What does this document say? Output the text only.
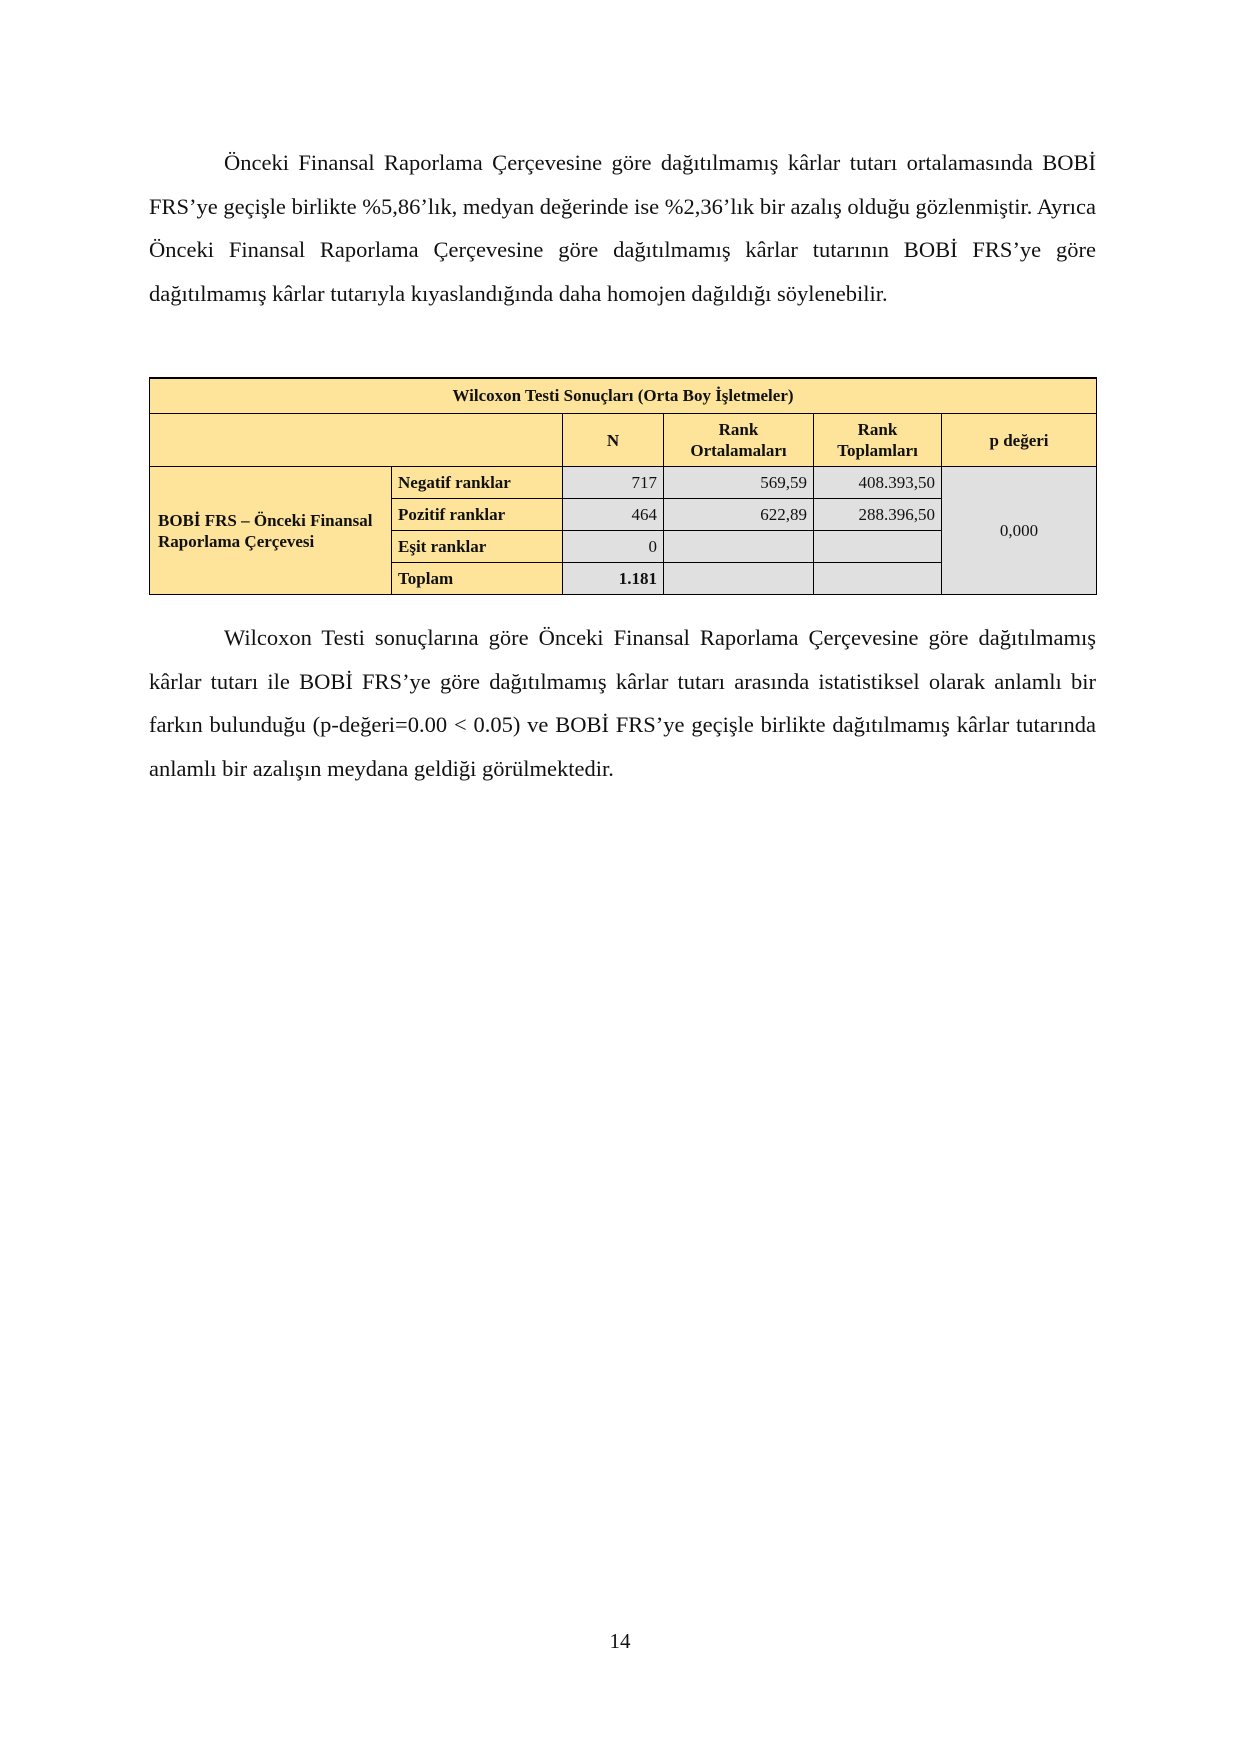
Önceki Finansal Raporlama Çerçevesine göre dağıtılmamış kârlar tutarı ortalamasında BOBİ FRS’ye geçişle birlikte %5,86’lık, medyan değerinde ise %2,36’lık bir azalış olduğu gözlenmiştir. Ayrıca Önceki Finansal Raporlama Çerçevesine göre dağıtılmamış kârlar tutarının BOBİ FRS’ye göre dağıtılmamış kârlar tutarıyla kıyaslandığında daha homojen dağıldığı söylenebilir.

Wilcoxon Testi Sonuçları (Orta Boy İşletmeler)					
		N	Rank Ortalamaları	Rank Toplamları	p değeri
BOBİ FRS – Önceki Finansal Raporlama Çerçevesi	Negatif ranklar	717	569,59	408.393,50	0,000
	Pozitif ranklar	464	622,89	288.396,50	
	Eşit ranklar	0			
	Toplam	1.181			

Wilcoxon Testi sonuçlarına göre Önceki Finansal Raporlama Çerçevesine göre dağıtılmamış kârlar tutarı ile BOBİ FRS’ye göre dağıtılmamış kârlar tutarı arasında istatistiksel olarak anlamlı bir farkın bulunduğu (p-değeri=0.00 < 0.05) ve BOBİ FRS’ye geçişle birlikte dağıtılmamış kârlar tutarında anlamlı bir azalışın meydana geldiği görülmektedir.

14
